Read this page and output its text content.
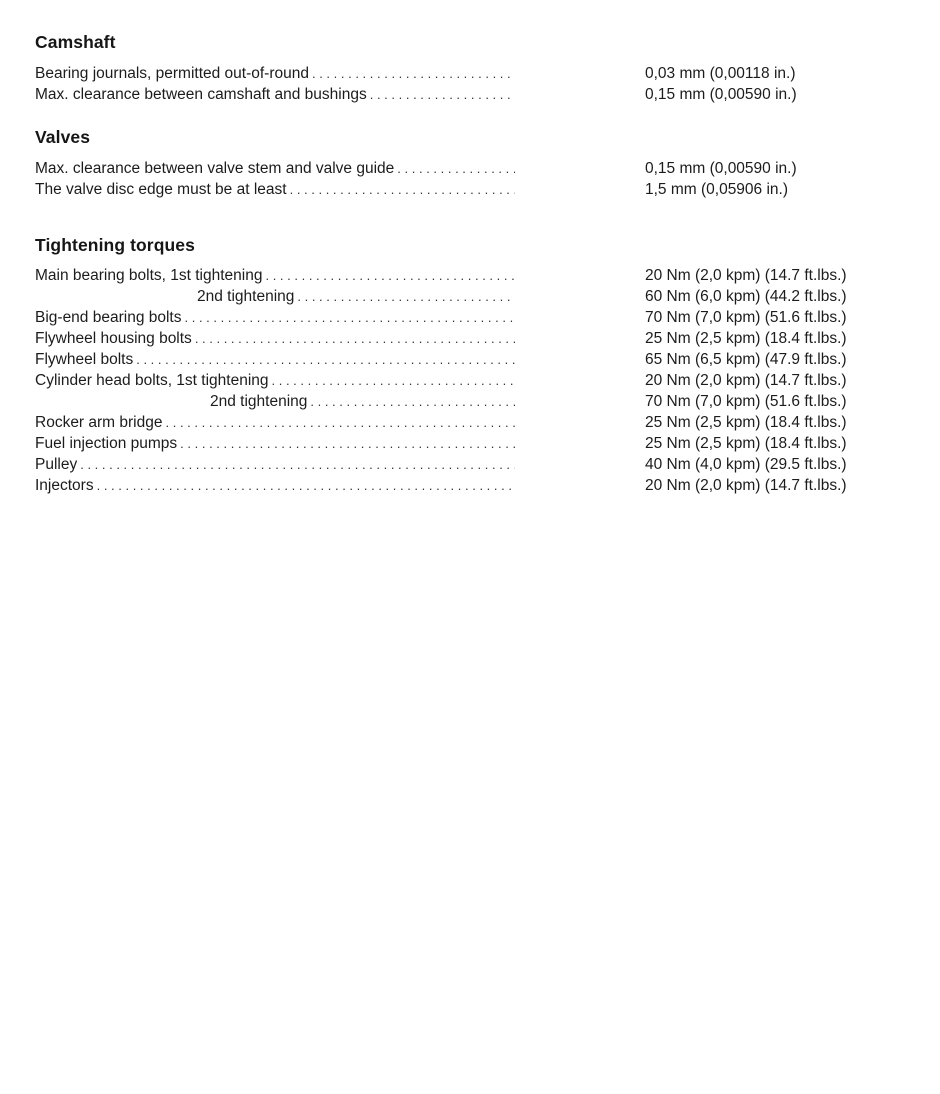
Camshaft
Bearing journals, permitted out-of-round . . .	0,03 mm (0,00118 in.)
Max. clearance between camshaft and bushings . . .	0,15 mm (0,00590 in.)
Valves
Max. clearance between valve stem and valve guide . . .	0,15 mm (0,00590 in.)
The valve disc edge must be at least . . .	1,5 mm (0,05906 in.)
Tightening torques
Main bearing bolts, 1st tightening . . .	20 Nm (2,0 kpm) (14.7 ft.lbs.)
2nd tightening . . .	60 Nm (6,0 kpm) (44.2 ft.lbs.)
Big-end bearing bolts . . .	70 Nm (7,0 kpm) (51.6 ft.lbs.)
Flywheel housing bolts . . .	25 Nm (2,5 kpm) (18.4 ft.lbs.)
Flywheel bolts . . .	65 Nm (6,5 kpm) (47.9 ft.lbs.)
Cylinder head bolts, 1st tightening . . .	20 Nm (2,0 kpm) (14.7 ft.lbs.)
2nd tightening . . .	70 Nm (7,0 kpm) (51.6 ft.lbs.)
Rocker arm bridge . . .	25 Nm (2,5 kpm) (18.4 ft.lbs.)
Fuel injection pumps . . .	25 Nm (2,5 kpm) (18.4 ft.lbs.)
Pulley . . .	40 Nm (4,0 kpm) (29.5 ft.lbs.)
Injectors . . .	20 Nm (2,0 kpm) (14.7 ft.lbs.)
